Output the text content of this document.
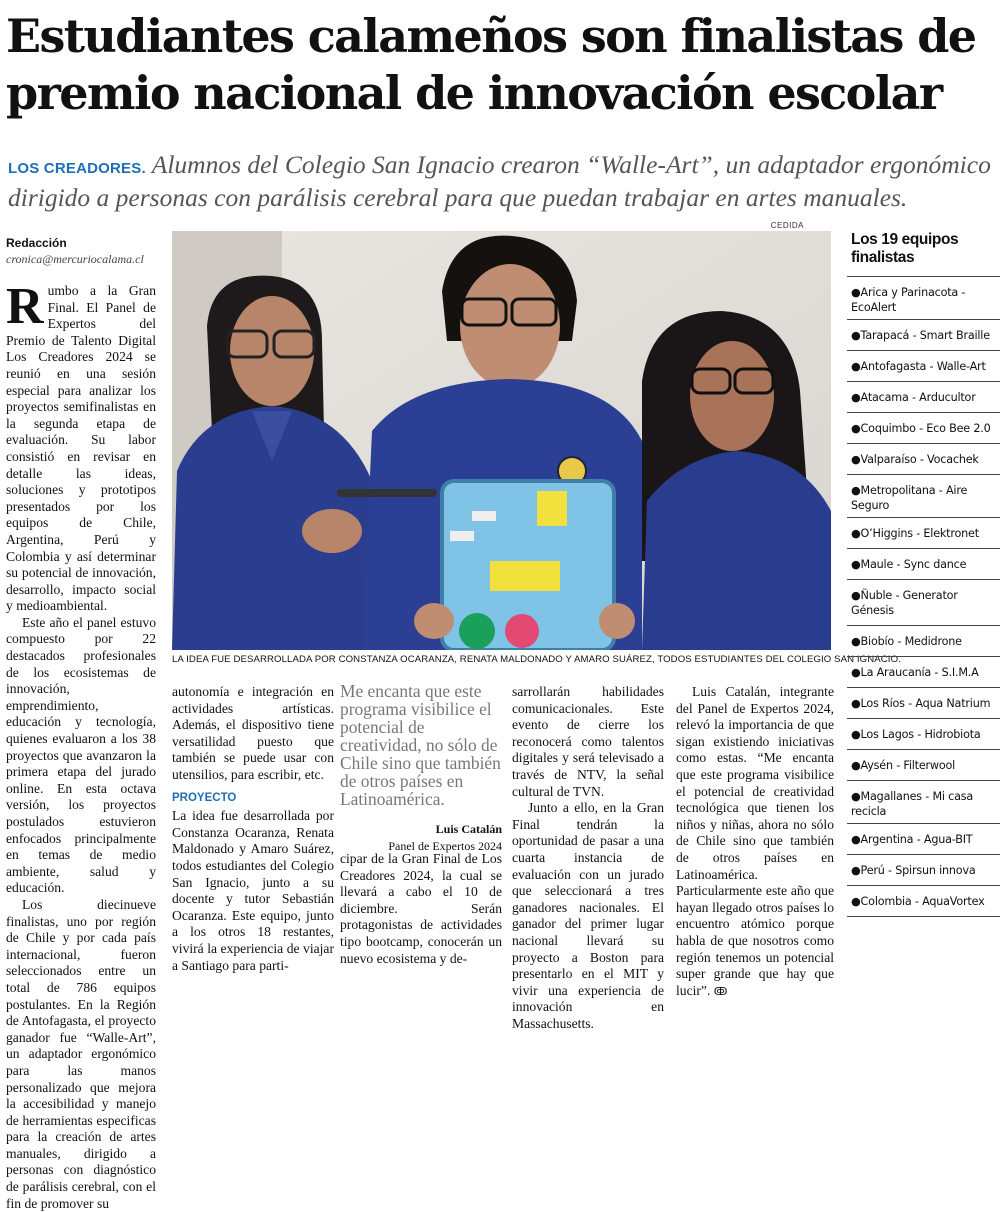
Estudiantes calameños son finalistas de
premio nacional de innovación escolar
LOS CREADORES. Alumnos del Colegio San Ignacio crearon “Walle-Art”, un adaptador ergonómico dirigido a personas con parálisis cerebral para que puedan trabajar en artes manuales.
Redacción
cronica@mercuriocalama.cl

Rumbo a la Gran Final. El Panel de Expertos del Premio de Talento Digital Los Creadores 2024 se reunió en una sesión especial para analizar los proyectos semifinalistas en la segunda etapa de evaluación. Su labor consistió en revisar en detalle las ideas, soluciones y prototipos presentados por los equipos de Chile, Argentina, Perú y Colombia y así determinar su potencial de innovación, desarrollo, impacto social y medioambiental.

Este año el panel estuvo compuesto por 22 destacados profesionales de los ecosistemas de innovación, emprendimiento, educación y tecnología, quienes evaluaron a los 38 proyectos que avanzaron la primera etapa del jurado online. En esta octava versión, los proyectos postulados estuvieron enfocados principalmente en temas de medio ambiente, salud y educación.

Los diecinueve finalistas, uno por región de Chile y por cada país internacional, fueron seleccionados entre un total de 786 equipos postulantes. En la Región de Antofagasta, el proyecto ganador fue “Walle-Art”, un adaptador ergonómico para las manos personalizado que mejora la accesibilidad y manejo de herramientas especificas para la creación de artes manuales, dirigido a personas con diagnóstico de parálisis cerebral, con el fin de promover su

CEDIDA
LA IDEA FUE DESARROLLADA POR CONSTANZA OCARANZA, RENATA MALDONADO Y AMARO SUÁREZ, TODOS ESTUDIANTES DEL COLEGIO SAN IGNACIO.

autonomía e integración en actividades artísticas. Además, el dispositivo tiene versatilidad puesto que también se puede usar con utensilios, para escribir, etc.

PROYECTO

La idea fue desarrollada por Constanza Ocaranza, Renata Maldonado y Amaro Suárez, todos estudiantes del Colegio San Ignacio, junto a su docente y tutor Sebastián Ocaranza. Este equipo, junto a los otros 18 restantes, vivirá la experiencia de viajar a Santiago para parti-

Me encanta que este programa visibilice el potencial de creatividad, no sólo de Chile sino que también de otros países en Latinoamérica.
Luis Catalán
Panel de Expertos 2024

cipar de la Gran Final de Los Creadores 2024, la cual se llevará a cabo el 10 de diciembre. Serán protagonistas de actividades tipo bootcamp, conocerán un nuevo ecosistema y de-

sarrollarán habilidades comunicacionales. Este evento de cierre los reconocerá como talentos digitales y será televisado a través de NTV, la señal cultural de TVN.

Junto a ello, en la Gran Final tendrán la oportunidad de pasar a una cuarta instancia de evaluación con un jurado que seleccionará a tres ganadores nacionales. El ganador del primer lugar nacional llevará su proyecto a Boston para presentarlo en el MIT y vivir una experiencia de innovación en Massachusetts.

Luis Catalán, integrante del Panel de Expertos 2024, relevó la importancia de que sigan existiendo iniciativas como estas. “Me encanta que este programa visibilice el potencial de creatividad tecnológica que tienen los niños y niñas, ahora no sólo de Chile sino que también de otros países en Latinoamérica. Particularmente este año que hayan llegado otros países lo encuentro atómico porque habla de que nosotros como región tenemos un potencial super grande que hay que lucir”. ↂ

Los 19 equipos finalistas
●Arica y Parinacota - EcoAlert
●Tarapacá - Smart Braille
●Antofagasta - Walle-Art
●Atacama - Arducultor
●Coquimbo - Eco Bee 2.0
●Valparaíso - Vocachek
●Metropolitana - Aire Seguro
●O’Higgins - Elektronet
●Maule - Sync dance
●Ñuble - Generator Génesis
●Biobío - Medidrone
●La Araucanía - S.I.M.A
●Los Ríos - Aqua Natrium
●Los Lagos - Hidrobiota
●Aysén - Filterwool
●Magallanes - Mi casa recicla
●Argentina - Agua-BIT
●Perú - Spirsun innova
●Colombia - AquaVortex
